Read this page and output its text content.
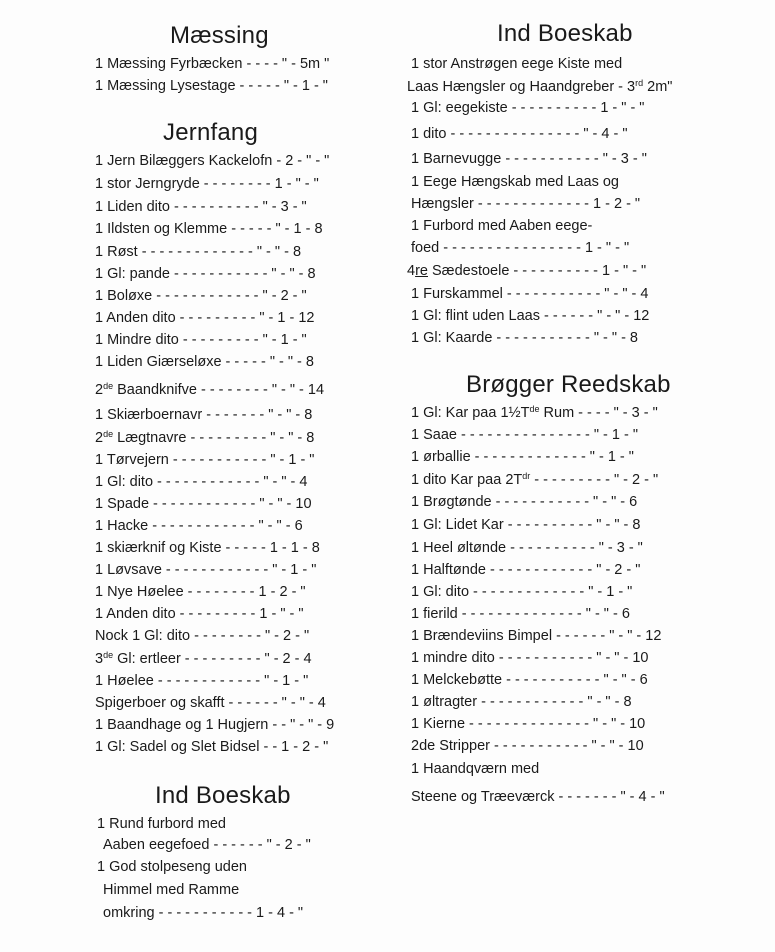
Mæssing
1 Mæssing Fyrbæcken - - - - " - 5m "
1 Mæssing Lysestage - - - - - " - 1 - "
Jernfang
1 Jern Bilæggers Kackelofn - 2 - " - "
1 stor Jerngryde - - - - - - - - 1 - " - "
1 Liden dito - - - - - - - - - - " - 3 - "
1 Ildsten og Klemme - - - - - " - 1 - 8
1 Røst - - - - - - - - - - - - - " - " - 8
1 Gl: pande - - - - - - - - - - - " - " - 8
1 Boløxe - - - - - - - - - - - - " - 2 - "
1 Anden dito - - - - - - - - - " - 1 - 12
1 Mindre dito - - - - - - - - - " - 1 - "
1 Liden Giærseløxe - - - - - " - " - 8
2de Baandknifve - - - - - - - - " - " - 14
1 Skiærboernavr - - - - - - - " - " - 8
2de Lægtnavre - - - - - - - - - " - " - 8
1 Tørvejern - - - - - - - - - - - " - 1 - "
1 Gl: dito - - - - - - - - - - - - " - " - 4
1 Spade - - - - - - - - - - - - " - " - 10
1 Hacke - - - - - - - - - - - - " - " - 6
1 skiærknif og Kiste - - - - - 1 - 1 - 8
1 Løvsave - - - - - - - - - - - - " - 1 - "
1 Nye Høelee - - - - - - - - 1 - 2 - "
1 Anden dito - - - - - - - - - 1 - " - "
Nock 1 Gl: dito - - - - - - - - " - 2 - "
3de Gl: ertleer - - - - - - - - - " - 2 - 4
1 Høelee - - - - - - - - - - - - " - 1 - "
Spigerboer og skafft - - - - - - " - " - 4
1 Baandhage og 1 Hugjern - - " - " - 9
1 Gl: Sadel og Slet Bidsel - - 1 - 2 - "
Ind Boeskab
1 Rund furbord med
Aaben eegefoed - - - - - - " - 2 - "
1 God stolpeseng uden
Himmel med Ramme
omkring - - - - - - - - - - - 1 - 4 - "
Ind Boeskab
1 stor Anstrøgen eege Kiste med
Laas Hængsler og Haandgreber - 3rd 2m"
1 Gl: eegekiste - - - - - - - - - - 1 - " - "
1 dito - - - - - - - - - - - - - - - " - 4 - "
1 Barnevugge - - - - - - - - - - - " - 3 - "
1 Eege Hængskab med Laas og
Hængsler - - - - - - - - - - - - - 1 - 2 - "
1 Furbord med Aaben eege-
foed - - - - - - - - - - - - - - - - 1 - " - "
4re Sædestoele - - - - - - - - - - 1 - " - "
1 Furskammel - - - - - - - - - - - " - " - 4
1 Gl: flint uden Laas - - - - - - " - " - 12
1 Gl: Kaarde - - - - - - - - - - - " - " - 8
Brøgger Reedskab
1 Gl: Kar paa $1\frac{1}{2}T^{de}$ Rum - - - - " - 3 - "
1 Saae - - - - - - - - - - - - - - - " - 1 - "
1 ørballie - - - - - - - - - - - - - " - 1 - "
1 dito Kar paa $2T^{dr}$ - - - - - - - - - " - 2 - "
1 Brøgtønde - - - - - - - - - - - " - " - 6
1 Gl: Lidet Kar - - - - - - - - - - " - " - 8
1 Heel øltønde - - - - - - - - - - " - 3 - "
1 Halftønde - - - - - - - - - - - - " - 2 - "
1 Gl: dito - - - - - - - - - - - - - " - 1 - "
1 fierild - - - - - - - - - - - - - - " - " - 6
1 Brændeviins Bimpel - - - - - - " - " - 12
1 mindre dito - - - - - - - - - - - " - " - 10
1 Melckebøtte - - - - - - - - - - - " - " - 6
1 øltragter - - - - - - - - - - - - " - " - 8
1 Kierne - - - - - - - - - - - - - - " - " - 10
2de Stripper - - - - - - - - - - - " - " - 10
1 Haandqværn med
Steene og Træeværck - - - - - - - " - 4 - "
